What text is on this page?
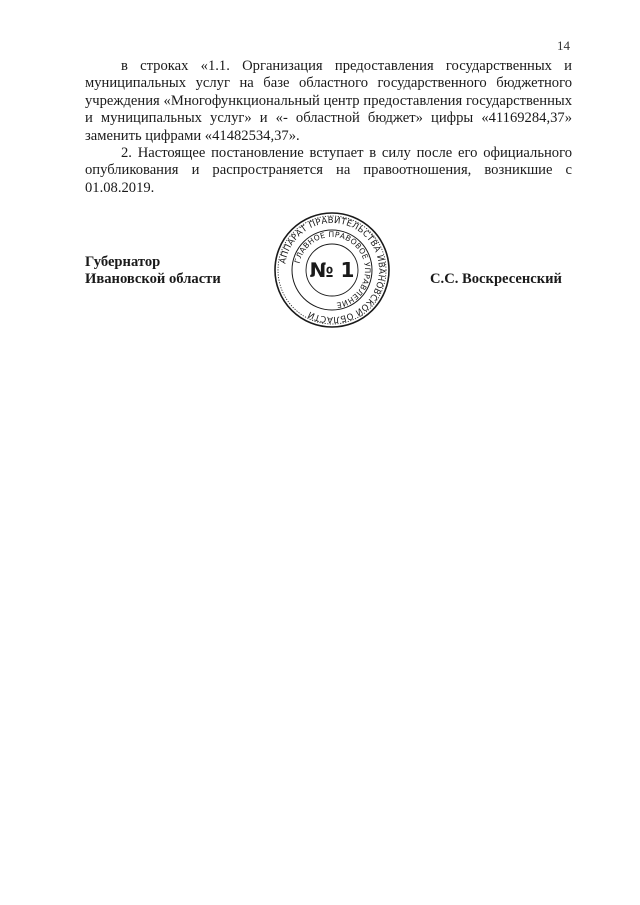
14

в строках «1.1. Организация предоставления государственных и муниципальных услуг на базе областного государственного бюджетного учреждения «Многофункциональный центр предоставления государственных и муниципальных услуг» и «- областной бюджет» цифры «41169284,37» заменить цифрами «41482534,37».

2. Настоящее постановление вступает в силу после его официального опубликования и распространяется на правоотношения, возникшие с 01.08.2019.

Губернатор
Ивановской области
АППАРАТ ПРАВИТЕЛЬСТВА ИВАНОВСКОЙ ОБЛАСТИ
ГЛАВНОЕ ПРАВОВОЕ УПРАВЛЕНИЕ
№ 1	С.С. Воскресенский
